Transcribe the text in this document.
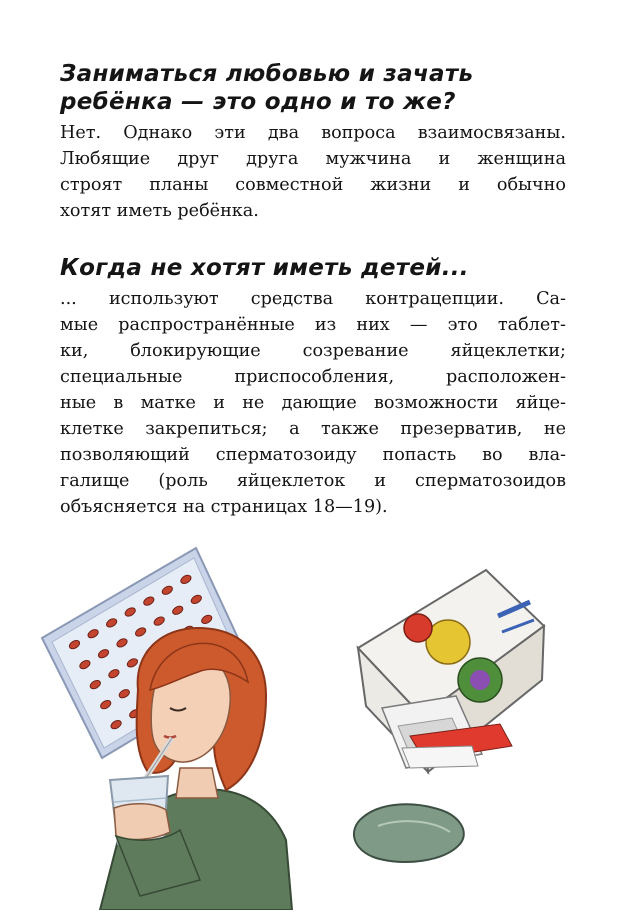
Заниматься любовью и зачать
ребёнка — это одно и то же?
Нет. Однако эти два вопроса взаимосвязаны.
Любящие друг друга мужчина и женщина
строят планы совместной жизни и обычно
хотят иметь ребёнка.
Когда не хотят иметь детей...
... используют средства контрацепции. Са-
мые распространённые из них — это таблет-
ки, блокирующие созревание яйцеклетки;
специальные приспособления, расположен-
ные в матке и не дающие возможности яйце-
клетке закрепиться; а также презерватив, не
позволяющий сперматозоиду попасть во вла-
галище (роль яйцеклеток и сперматозоидов
объясняется на страницах 18—19).
